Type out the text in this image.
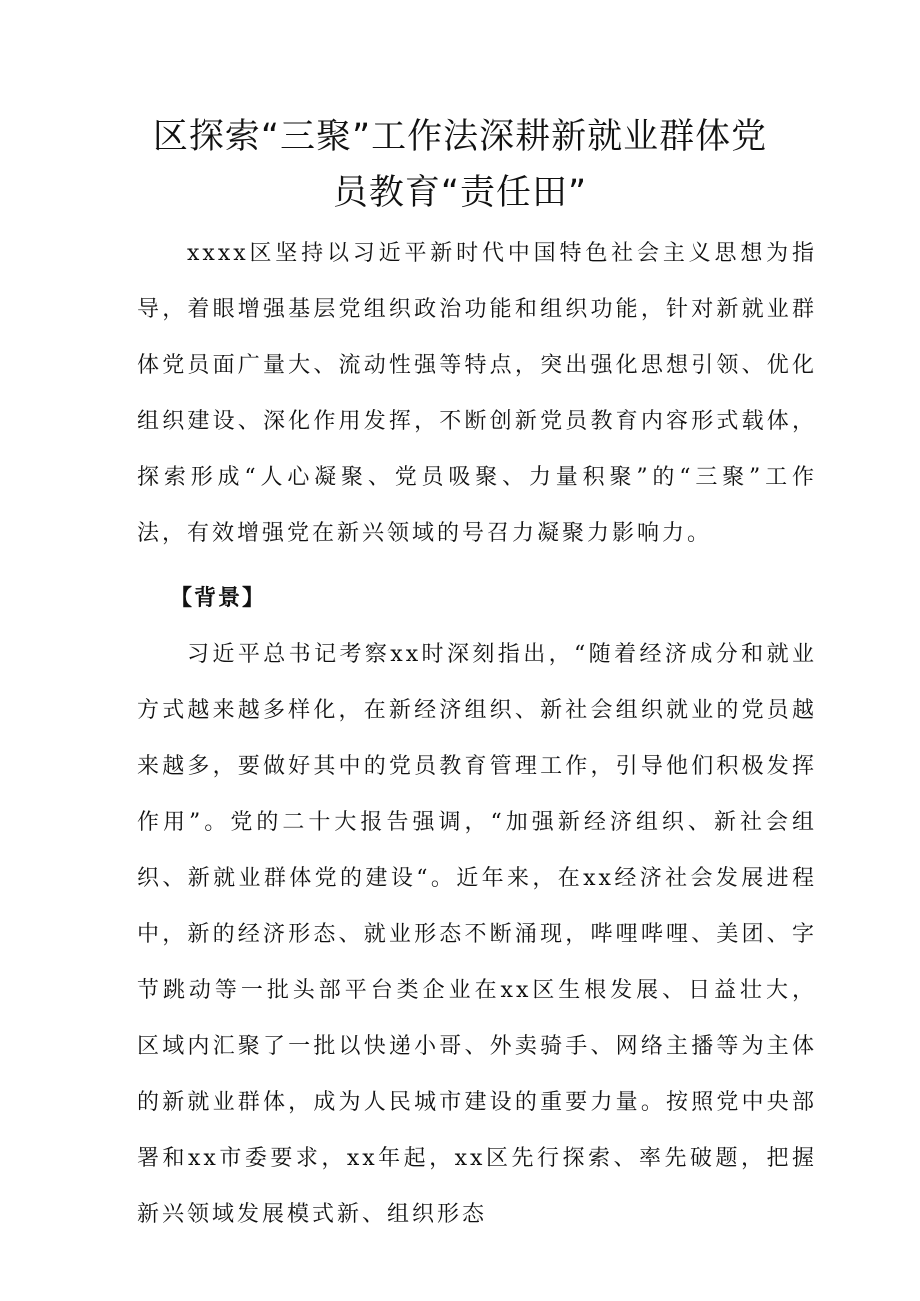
区探索“三聚”工作法深耕新就业群体党
员教育“责任田”

xxxx区坚持以习近平新时代中国特色社会主义思想为指导，着眼增强基层党组织政治功能和组织功能，针对新就业群体党员面广量大、流动性强等特点，突出强化思想引领、优化组织建设、深化作用发挥，不断创新党员教育内容形式载体，探索形成“人心凝聚、党员吸聚、力量积聚”的“三聚”工作法，有效增强党在新兴领域的号召力凝聚力影响力。

【背景】

习近平总书记考察xx时深刻指出，“随着经济成分和就业方式越来越多样化，在新经济组织、新社会组织就业的党员越来越多，要做好其中的党员教育管理工作，引导他们积极发挥作用”。党的二十大报告强调，“加强新经济组织、新社会组织、新就业群体党的建设“。近年来，在xx经济社会发展进程中，新的经济形态、就业形态不断涌现，哔哩哔哩、美团、字节跳动等一批头部平台类企业在xx区生根发展、日益壮大，区域内汇聚了一批以快递小哥、外卖骑手、网络主播等为主体的新就业群体，成为人民城市建设的重要力量。按照党中央部署和xx市委要求，xx年起，xx区先行探索、率先破题，把握新兴领域发展模式新、组织形态
